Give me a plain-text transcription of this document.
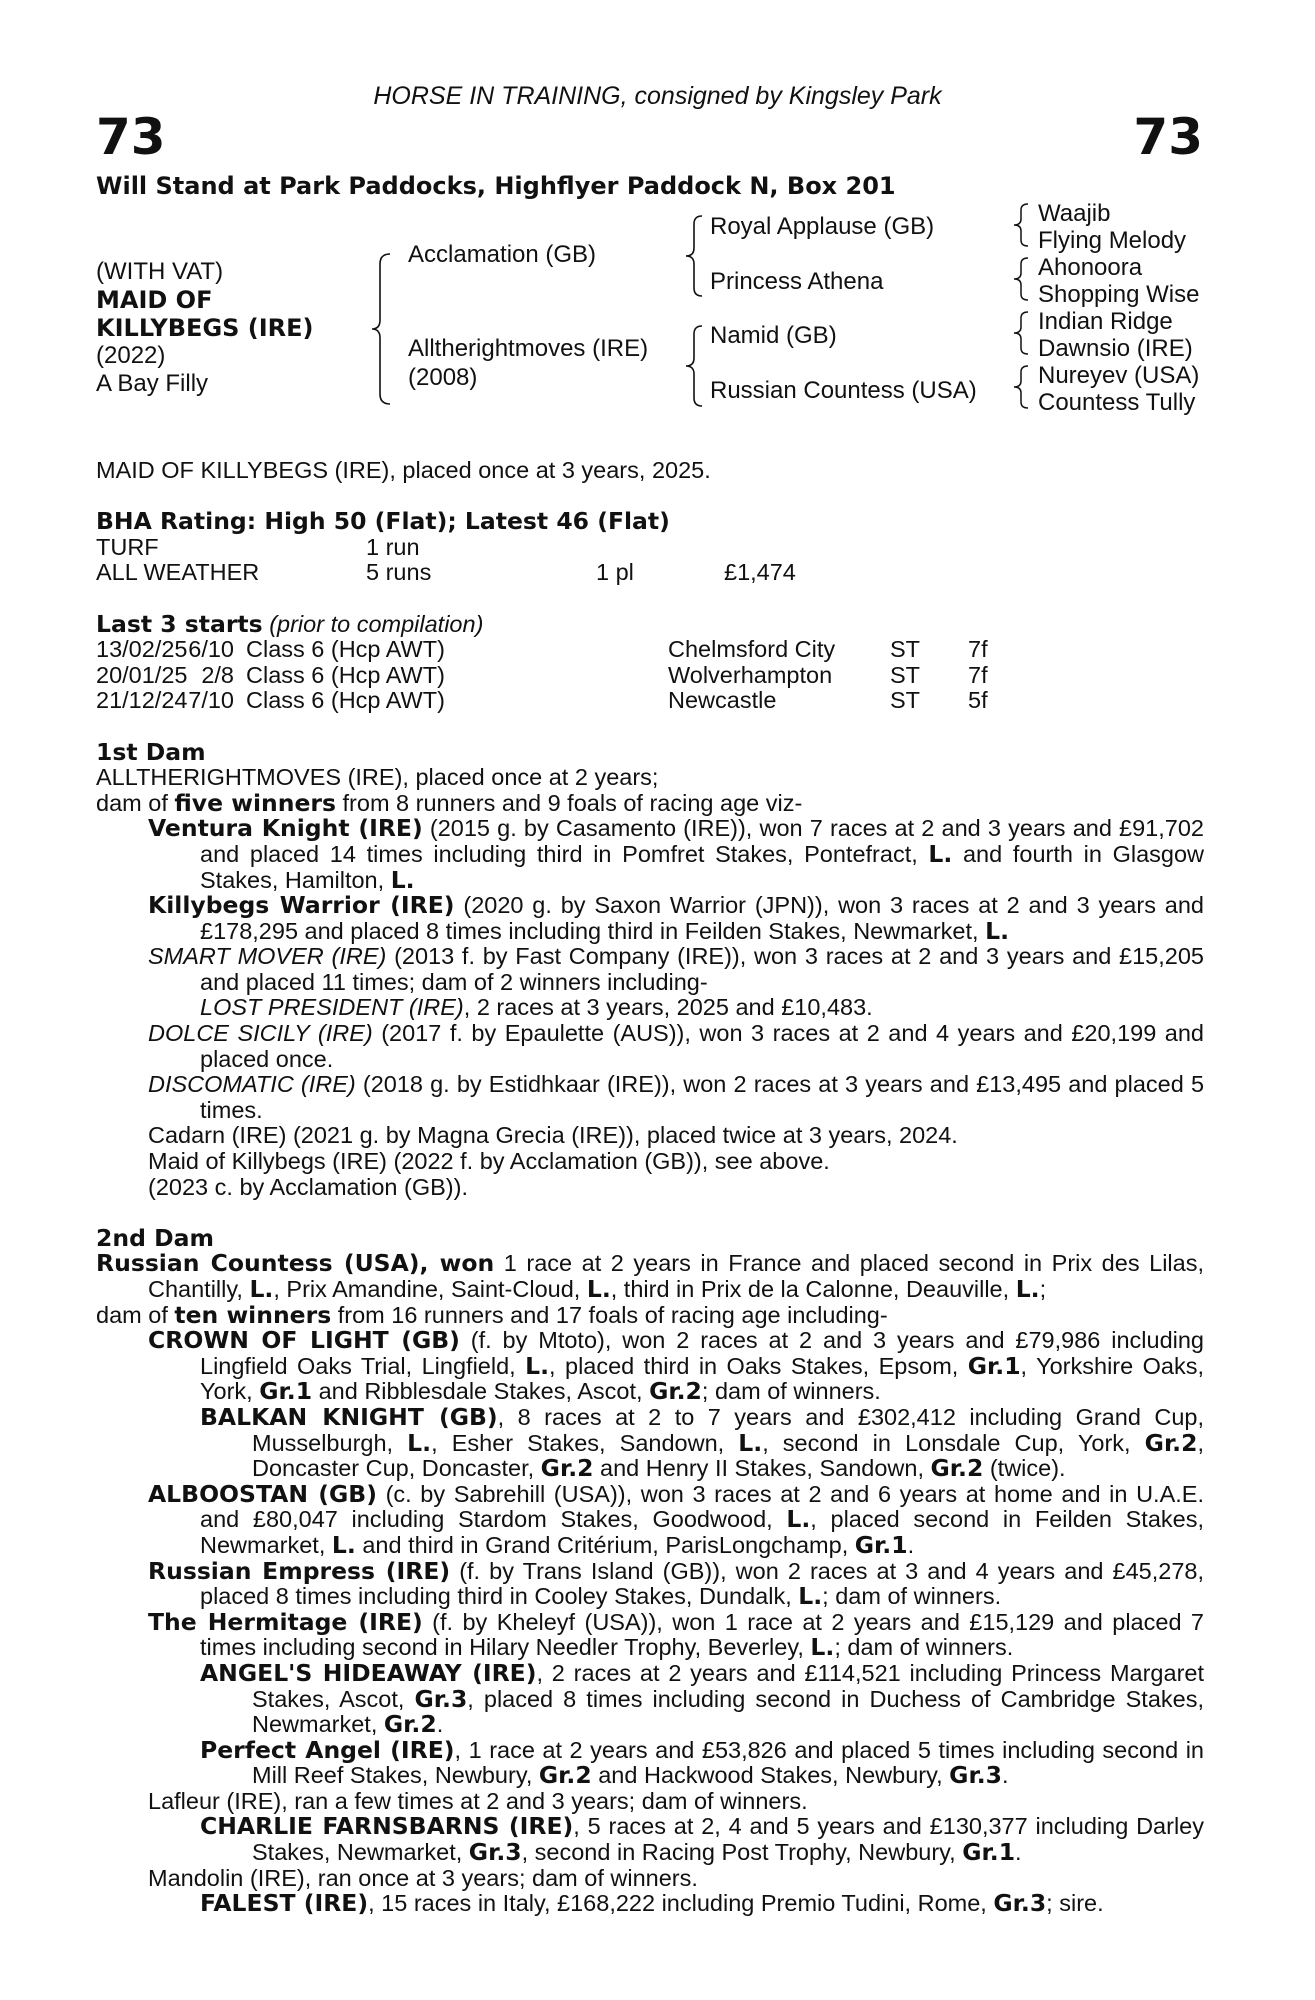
HORSE IN TRAINING, consigned by Kingsley Park
73	73
Will Stand at Park Paddocks, Highflyer Paddock N, Box 201
(WITH VAT)
MAID OF
KILLYBEGS (IRE)
(2022)
A Bay Filly
Acclamation (GB)
Alltherightmoves (IRE)
(2008)
Royal Applause (GB)
Princess Athena
Namid (GB)
Russian Countess (USA)
Waajib
Flying Melody
Ahonoora
Shopping Wise
Indian Ridge
Dawnsio (IRE)
Nureyev (USA)
Countess Tully

MAID OF KILLYBEGS (IRE), placed once at 3 years, 2025.

BHA Rating: High 50 (Flat); Latest 46 (Flat)

TURF	1 run
ALL WEATHER	5 runs	1 pl	£1,474

Last 3 starts (prior to compilation)

13/02/25 6/10 Class 6 (Hcp AWT)	Chelmsford City	ST	7f
20/01/25 2/8 Class 6 (Hcp AWT)	Wolverhampton	ST	7f
21/12/24 7/10 Class 6 (Hcp AWT)	Newcastle	ST	5f

1st Dam

ALLTHERIGHTMOVES (IRE), placed once at 2 years;

dam of five winners from 8 runners and 9 foals of racing age viz-

Ventura Knight (IRE) (2015 g. by Casamento (IRE)), won 7 races at 2 and 3 years and £91,702 and placed 14 times including third in Pomfret Stakes, Pontefract, L. and fourth in Glasgow Stakes, Hamilton, L.

Killybegs Warrior (IRE) (2020 g. by Saxon Warrior (JPN)), won 3 races at 2 and 3 years and £178,295 and placed 8 times including third in Feilden Stakes, Newmarket, L.

SMART MOVER (IRE) (2013 f. by Fast Company (IRE)), won 3 races at 2 and 3 years and £15,205 and placed 11 times; dam of 2 winners including-

LOST PRESIDENT (IRE), 2 races at 3 years, 2025 and £10,483.

DOLCE SICILY (IRE) (2017 f. by Epaulette (AUS)), won 3 races at 2 and 4 years and £20,199 and placed once.

DISCOMATIC (IRE) (2018 g. by Estidhkaar (IRE)), won 2 races at 3 years and £13,495 and placed 5 times.

Cadarn (IRE) (2021 g. by Magna Grecia (IRE)), placed twice at 3 years, 2024.

Maid of Killybegs (IRE) (2022 f. by Acclamation (GB)), see above.

(2023 c. by Acclamation (GB)).

2nd Dam

Russian Countess (USA), won 1 race at 2 years in France and placed second in Prix des Lilas, Chantilly, L., Prix Amandine, Saint-Cloud, L., third in Prix de la Calonne, Deauville, L.;

dam of ten winners from 16 runners and 17 foals of racing age including-

CROWN OF LIGHT (GB) (f. by Mtoto), won 2 races at 2 and 3 years and £79,986 including Lingfield Oaks Trial, Lingfield, L., placed third in Oaks Stakes, Epsom, Gr.1, Yorkshire Oaks, York, Gr.1 and Ribblesdale Stakes, Ascot, Gr.2; dam of winners.

BALKAN KNIGHT (GB), 8 races at 2 to 7 years and £302,412 including Grand Cup, Musselburgh, L., Esher Stakes, Sandown, L., second in Lonsdale Cup, York, Gr.2, Doncaster Cup, Doncaster, Gr.2 and Henry II Stakes, Sandown, Gr.2 (twice).

ALBOOSTAN (GB) (c. by Sabrehill (USA)), won 3 races at 2 and 6 years at home and in U.A.E. and £80,047 including Stardom Stakes, Goodwood, L., placed second in Feilden Stakes, Newmarket, L. and third in Grand Critérium, ParisLongchamp, Gr.1.

Russian Empress (IRE) (f. by Trans Island (GB)), won 2 races at 3 and 4 years and £45,278, placed 8 times including third in Cooley Stakes, Dundalk, L.; dam of winners.

The Hermitage (IRE) (f. by Kheleyf (USA)), won 1 race at 2 years and £15,129 and placed 7 times including second in Hilary Needler Trophy, Beverley, L.; dam of winners.

ANGEL'S HIDEAWAY (IRE), 2 races at 2 years and £114,521 including Princess Margaret Stakes, Ascot, Gr.3, placed 8 times including second in Duchess of Cambridge Stakes, Newmarket, Gr.2.

Perfect Angel (IRE), 1 race at 2 years and £53,826 and placed 5 times including second in Mill Reef Stakes, Newbury, Gr.2 and Hackwood Stakes, Newbury, Gr.3.

Lafleur (IRE), ran a few times at 2 and 3 years; dam of winners.

CHARLIE FARNSBARNS (IRE), 5 races at 2, 4 and 5 years and £130,377 including Darley Stakes, Newmarket, Gr.3, second in Racing Post Trophy, Newbury, Gr.1.

Mandolin (IRE), ran once at 3 years; dam of winners.

FALEST (IRE), 15 races in Italy, £168,222 including Premio Tudini, Rome, Gr.3; sire.
